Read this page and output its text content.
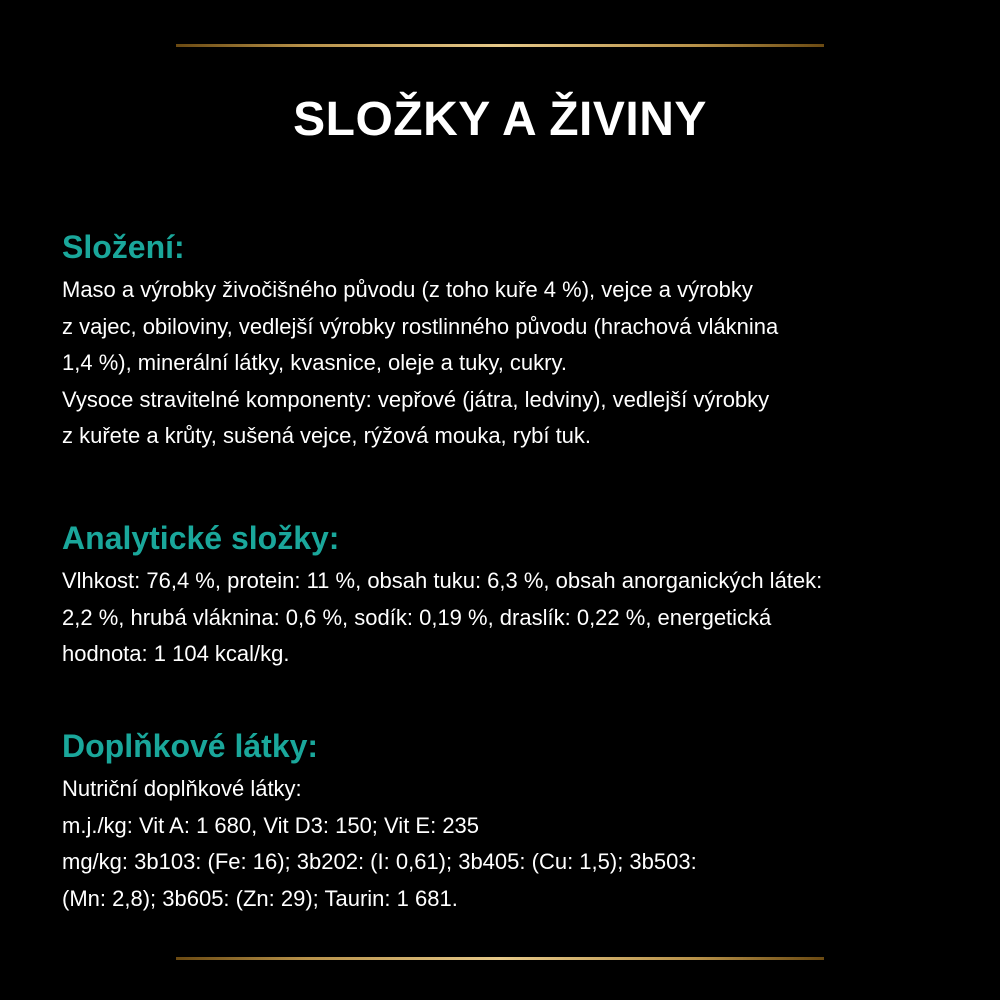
SLOŽKY A ŽIVINY
Složení:

Maso a výrobky živočišného původu (z toho kuře 4 %), vejce a výrobky

z vajec, obiloviny, vedlejší výrobky rostlinného původu (hrachová vláknina

1,4 %), minerální látky, kvasnice, oleje a tuky, cukry.

Vysoce stravitelné komponenty: vepřové (játra, ledviny), vedlejší výrobky

z kuřete a krůty, sušená vejce, rýžová mouka, rybí tuk.

Analytické složky:

Vlhkost: 76,4 %, protein: 11 %, obsah tuku: 6,3 %, obsah anorganických látek:

2,2 %, hrubá vláknina: 0,6 %, sodík: 0,19 %, draslík: 0,22 %, energetická

hodnota: 1 104 kcal/kg.

Doplňkové látky:

Nutriční doplňkové látky:

m.j./kg: Vit A: 1 680, Vit D3: 150; Vit E: 235

mg/kg: 3b103: (Fe: 16); 3b202: (I: 0,61); 3b405: (Cu: 1,5); 3b503:

(Mn: 2,8); 3b605: (Zn: 29); Taurin: 1 681.
